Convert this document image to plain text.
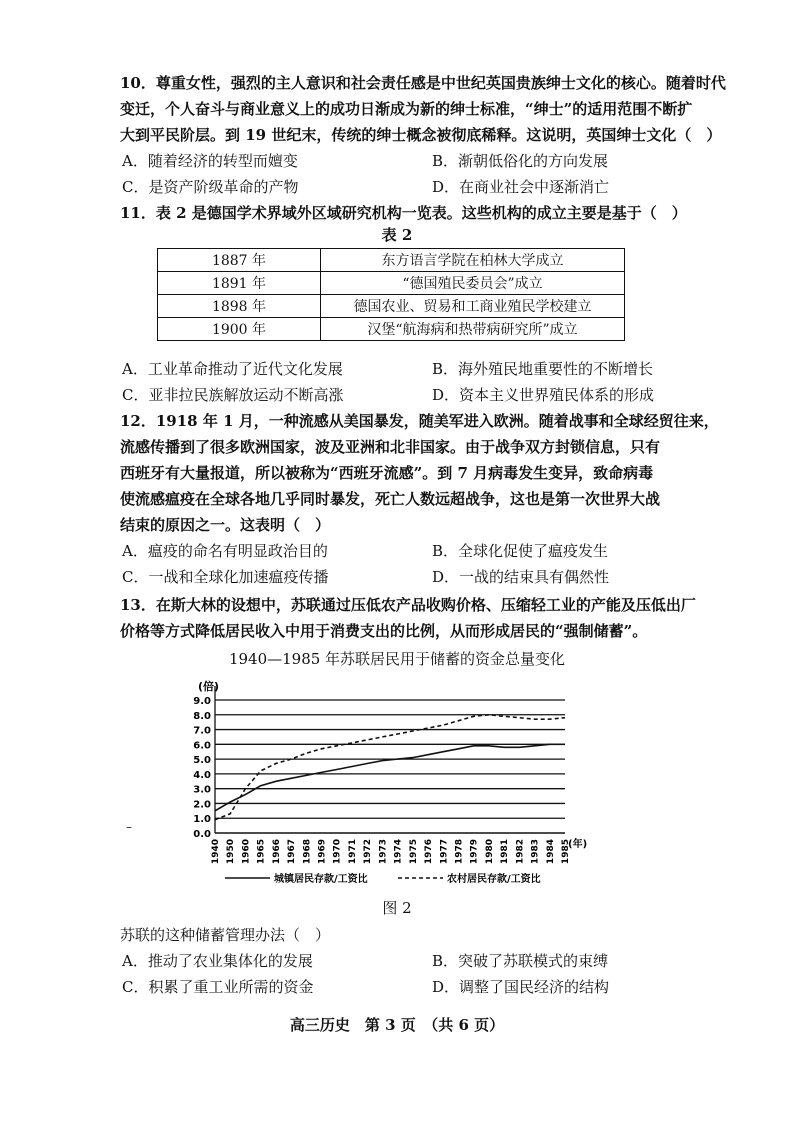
10．尊重女性，强烈的主人意识和社会责任感是中世纪英国贵族绅士文化的核心。随着时代
变迁，个人奋斗与商业意义上的成功日渐成为新的绅士标准，“绅士”的适用范围不断扩
大到平民阶层。到 19 世纪末，传统的绅士概念被彻底稀释。这说明，英国绅士文化（　）
A．随着经济的转型而嬗变	B．渐朝低俗化的方向发展
C．是资产阶级革命的产物	D．在商业社会中逐渐消亡
11．表 2 是德国学术界域外区域研究机构一览表。这些机构的成立主要是基于（　）
表 2
1887 年	东方语言学院在柏林大学成立
1891 年	“德国殖民委员会”成立
1898 年	德国农业、贸易和工商业殖民学校建立
1900 年	汉堡“航海病和热带病研究所”成立
A．工业革命推动了近代文化发展	B．海外殖民地重要性的不断增长
C．亚非拉民族解放运动不断高涨	D．资本主义世界殖民体系的形成
12．1918 年 1 月，一种流感从美国暴发，随美军进入欧洲。随着战事和全球经贸往来，
流感传播到了很多欧洲国家，波及亚洲和北非国家。由于战争双方封锁信息，只有
西班牙有大量报道，所以被称为“西班牙流感”。到 7 月病毒发生变异，致命病毒
使流感瘟疫在全球各地几乎同时暴发，死亡人数远超战争，这也是第一次世界大战
结束的原因之一。这表明（　）
A．瘟疫的命名有明显政治目的	B．全球化促使了瘟疫发生
C．一战和全球化加速瘟疫传播	D．一战的结束具有偶然性
13．在斯大林的设想中，苏联通过压低农产品收购价格、压缩轻工业的产能及压低出厂
价格等方式降低居民收入中用于消费支出的比例，从而形成居民的“强制储蓄”。
1940—1985 年苏联居民用于储蓄的资金总量变化
(倍)
0.0
1.0
2.0
3.0
4.0
5.0
6.0
7.0
8.0
9.0
1940 1950 1960 1965 1966 1967 1968 1969 1970 1971 1972 1973 1974 1975 1976 1977 1978 1979 1980 1981 1982 1983 1984 1985
(年)
城镇居民存款/工资比	农村居民存款/工资比
–
图 2
苏联的这种储蓄管理办法（　）
A．推动了农业集体化的发展	B．突破了苏联模式的束缚
C．积累了重工业所需的资金	D．调整了国民经济的结构
高三历史　第 3 页　（共 6 页）
